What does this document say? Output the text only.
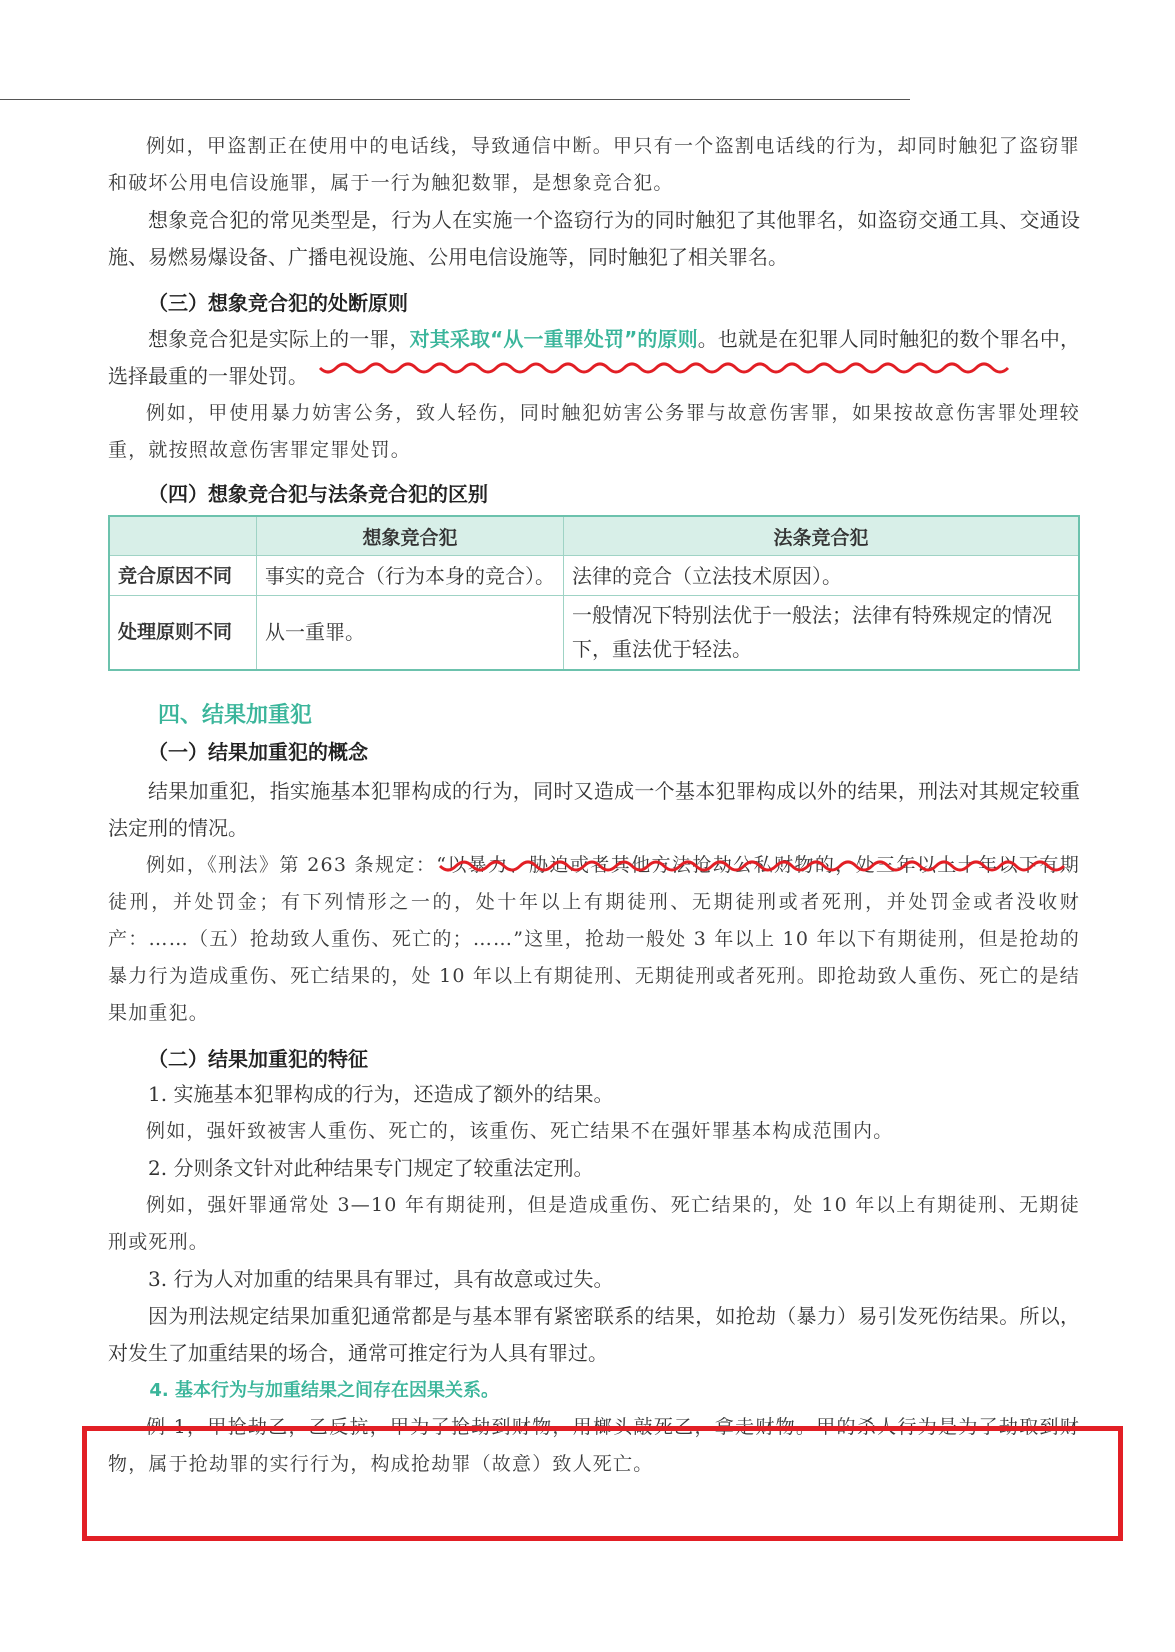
例如，甲盗割正在使用中的电话线，导致通信中断。甲只有一个盗割电话线的行为，却同时触犯了盗窃罪和破坏公用电信设施罪，属于一行为触犯数罪，是想象竞合犯。

想象竞合犯的常见类型是，行为人在实施一个盗窃行为的同时触犯了其他罪名，如盗窃交通工具、交通设施、易燃易爆设备、广播电视设施、公用电信设施等，同时触犯了相关罪名。

（三）想象竞合犯的处断原则

想象竞合犯是实际上的一罪，对其采取“从一重罪处罚”的原则。也就是在犯罪人同时触犯的数个罪名中，选择最重的一罪处罚。

例如，甲使用暴力妨害公务，致人轻伤，同时触犯妨害公务罪与故意伤害罪，如果按故意伤害罪处理较重，就按照故意伤害罪定罪处罚。

（四）想象竞合犯与法条竞合犯的区别

	想象竞合犯	法条竞合犯
竞合原因不同	事实的竞合（行为本身的竞合）。	法律的竞合（立法技术原因）。
处理原则不同	从一重罪。	一般情况下特别法优于一般法；法律有特殊规定的情况下，重法优于轻法。

四、结果加重犯

（一）结果加重犯的概念

结果加重犯，指实施基本犯罪构成的行为，同时又造成一个基本犯罪构成以外的结果，刑法对其规定较重法定刑的情况。

例如，《刑法》第 263 条规定：“以暴力、胁迫或者其他方法抢劫公私财物的，处三年以上十年以下有期徒刑，并处罚金；有下列情形之一的，处十年以上有期徒刑、无期徒刑或者死刑，并处罚金或者没收财产：……（五）抢劫致人重伤、死亡的；……”这里，抢劫一般处 3 年以上 10 年以下有期徒刑，但是抢劫的暴力行为造成重伤、死亡结果的，处 10 年以上有期徒刑、无期徒刑或者死刑。即抢劫致人重伤、死亡的是结果加重犯。

（二）结果加重犯的特征

1. 实施基本犯罪构成的行为，还造成了额外的结果。

例如，强奸致被害人重伤、死亡的，该重伤、死亡结果不在强奸罪基本构成范围内。

2. 分则条文针对此种结果专门规定了较重法定刑。

例如，强奸罪通常处 3—10 年有期徒刑，但是造成重伤、死亡结果的，处 10 年以上有期徒刑、无期徒刑或死刑。

3. 行为人对加重的结果具有罪过，具有故意或过失。

因为刑法规定结果加重犯通常都是与基本罪有紧密联系的结果，如抢劫（暴力）易引发死伤结果。所以，对发生了加重结果的场合，通常可推定行为人具有罪过。

4. 基本行为与加重结果之间存在因果关系。

例 1，甲抢劫乙，乙反抗，甲为了抢劫到财物，用榔头敲死乙，拿走财物。甲的杀人行为是为了劫取到财物，属于抢劫罪的实行行为，构成抢劫罪（故意）致人死亡。
